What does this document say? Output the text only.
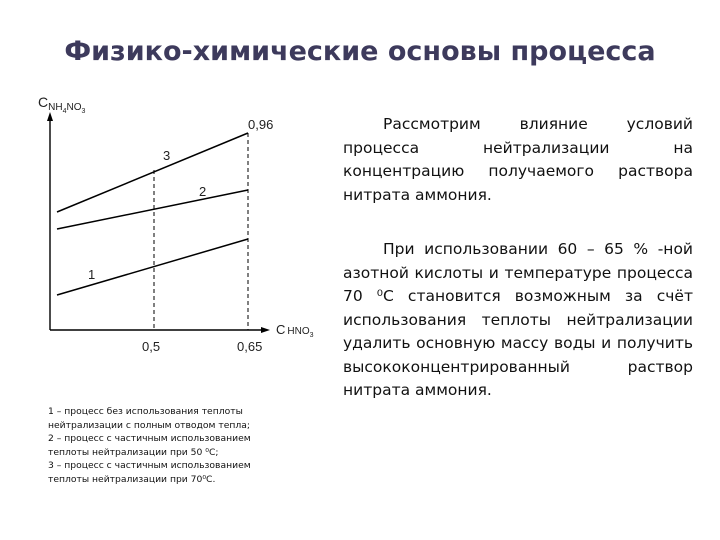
Физико-химические основы процесса
$C_{NH4}^{NO}_3$
C $HNO_3$
3
2
1
0,96
0,5	0,65

1 – процесс без использования теплоты нейтрализации с полным отводом тепла;

2 – процесс с частичным использованием теплоты нейтрализации при 50 ⁰С;

3 – процесс с частичным использованием теплоты нейтрализации при 70⁰С.

Рассмотрим влияние условий процесса нейтрализации на концентрацию получаемого раствора нитрата аммония.

При использовании 60 – 65 % -ной азотной кислоты и температуре процесса 70 ⁰С становится возможным за счёт использования теплоты нейтрализации удалить основную массу воды и получить высококонцентрированный раствор нитрата аммония.
